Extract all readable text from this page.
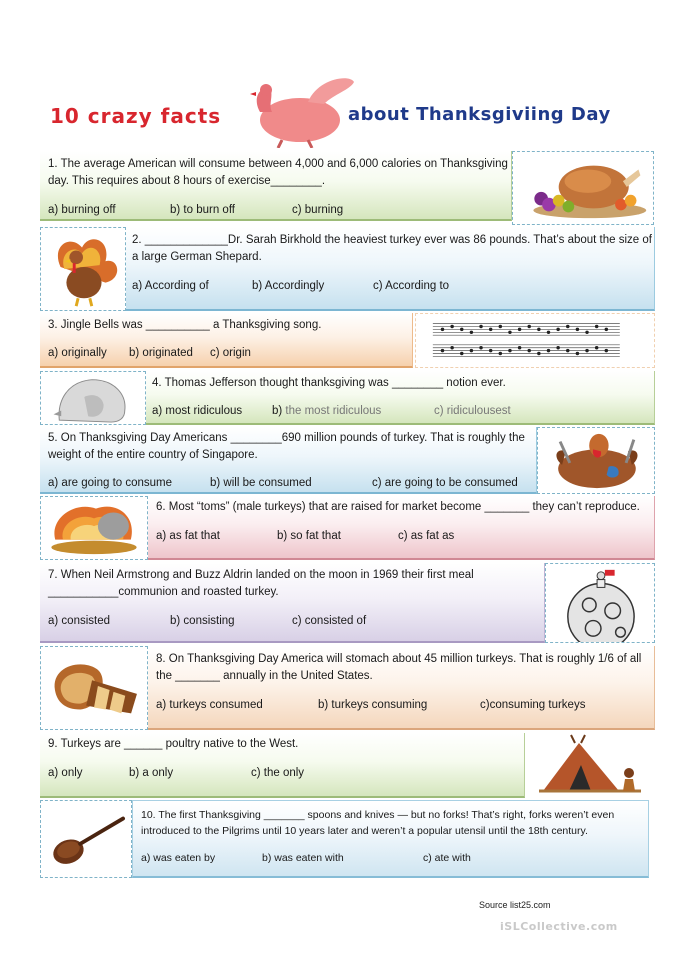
10 crazy facts	about Thanksgiviing Day
1. The average American will consume between 4,000 and 6,000 calories on Thanksgiving
day. This requires about 8 hours of exercise________.
a) burning off	b) to burn off	c) burning
2. _____________Dr. Sarah Birkhold the heaviest turkey ever was 86 pounds. That’s about the size of
a large German Shepard.
a) According of	b) Accordingly	c) According to
3. Jingle Bells was __________ a Thanksgiving song.
a) originally b) originated c) origin
4. Thomas Jefferson thought thanksgiving was ________ notion ever.
a) most ridiculous	b) the most ridiculous	c) ridiculousest
5. On Thanksgiving Day Americans ________690 million pounds of turkey. That is roughly the
weight of the entire country of Singapore.
a) are going to consume	b) will be consumed	c) are going to be consumed
6. Most “toms” (male turkeys) that are raised for market become _______ they can’t reproduce.
a) as fat that	b) so fat that	c) as fat as
7. When Neil Armstrong and Buzz Aldrin landed on the moon in 1969 their first meal
___________communion and roasted turkey.
a) consisted	b) consisting	c) consisted of
8. On Thanksgiving Day America will stomach about 45 million turkeys. That is roughly 1/6 of all
the _______ annually in the United States.
a) turkeys consumed	b) turkeys consuming	c)consuming turkeys
9. Turkeys are ______ poultry native to the West.
a) only	b) a only	c) the only
10. The first Thanksgiving _______ spoons and knives — but no forks! That’s right, forks weren’t even
introduced to the Pilgrims until 10 years later and weren’t a popular utensil until the 18th century.
a) was eaten by	b) was eaten with	c) ate with
Source list25.com
iSLCollective.com
